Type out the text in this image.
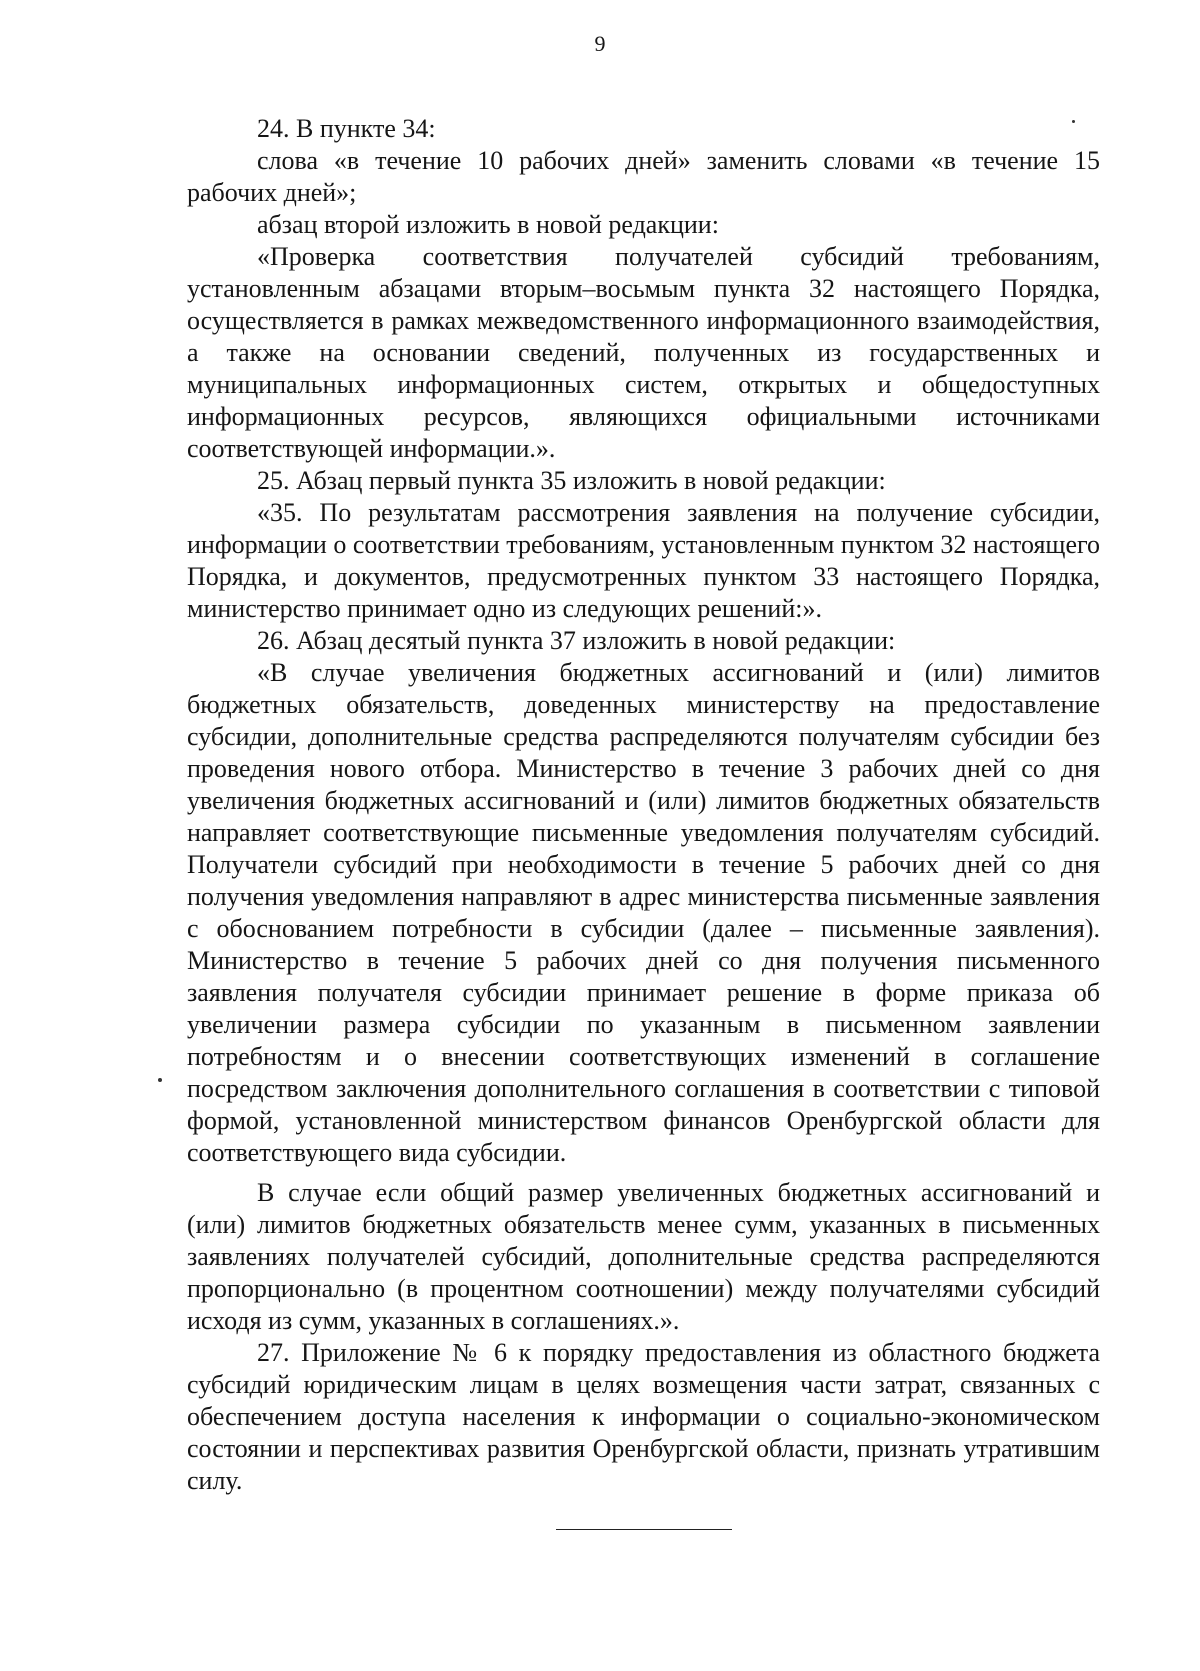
9

24. В пункте 34:

слова «в течение 10 рабочих дней» заменить словами «в течение 15 рабочих дней»;

абзац второй изложить в новой редакции:

«Проверка соответствия получателей субсидий требованиям, установленным абзацами вторым–восьмым пункта 32 настоящего Порядка, осуществляется в рамках межведомственного информационного взаимодействия, а также на основании сведений, полученных из государственных и муниципальных информационных систем, открытых и общедоступных информационных ресурсов, являющихся официальными источниками соответствующей информации.».

25. Абзац первый пункта 35 изложить в новой редакции:

«35. По результатам рассмотрения заявления на получение субсидии, информации о соответствии требованиям, установленным пунктом 32 настоящего Порядка, и документов, предусмотренных пунктом 33 настоящего Порядка, министерство принимает одно из следующих решений:».

26. Абзац десятый пункта 37 изложить в новой редакции:

«В случае увеличения бюджетных ассигнований и (или) лимитов бюджетных обязательств, доведенных министерству на предоставление субсидии, дополнительные средства распределяются получателям субсидии без проведения нового отбора. Министерство в течение 3 рабочих дней со дня увеличения бюджетных ассигнований и (или) лимитов бюджетных обязательств направляет соответствующие письменные уведомления получателям субсидий. Получатели субсидий при необходимости в течение 5 рабочих дней со дня получения уведомления направляют в адрес министерства письменные заявления с обоснованием потребности в субсидии (далее – письменные заявления). Министерство в течение 5 рабочих дней со дня получения письменного заявления получателя субсидии принимает решение в форме приказа об увеличении размера субсидии по указанным в письменном заявлении потребностям и о внесении соответствующих изменений в соглашение посредством заключения дополнительного соглашения в соответствии с типовой формой, установленной министерством финансов Оренбургской области для соответствующего вида субсидии.

В случае если общий размер увеличенных бюджетных ассигнований и (или) лимитов бюджетных обязательств менее сумм, указанных в письменных заявлениях получателей субсидий, дополнительные средства распределяются пропорционально (в процентном соотношении) между получателями субсидий исходя из сумм, указанных в соглашениях.».

27. Приложение № 6 к порядку предоставления из областного бюджета субсидий юридическим лицам в целях возмещения части затрат, связанных с обеспечением доступа населения к информации о социально-экономическом состоянии и перспективах развития Оренбургской области, признать утратившим силу.
